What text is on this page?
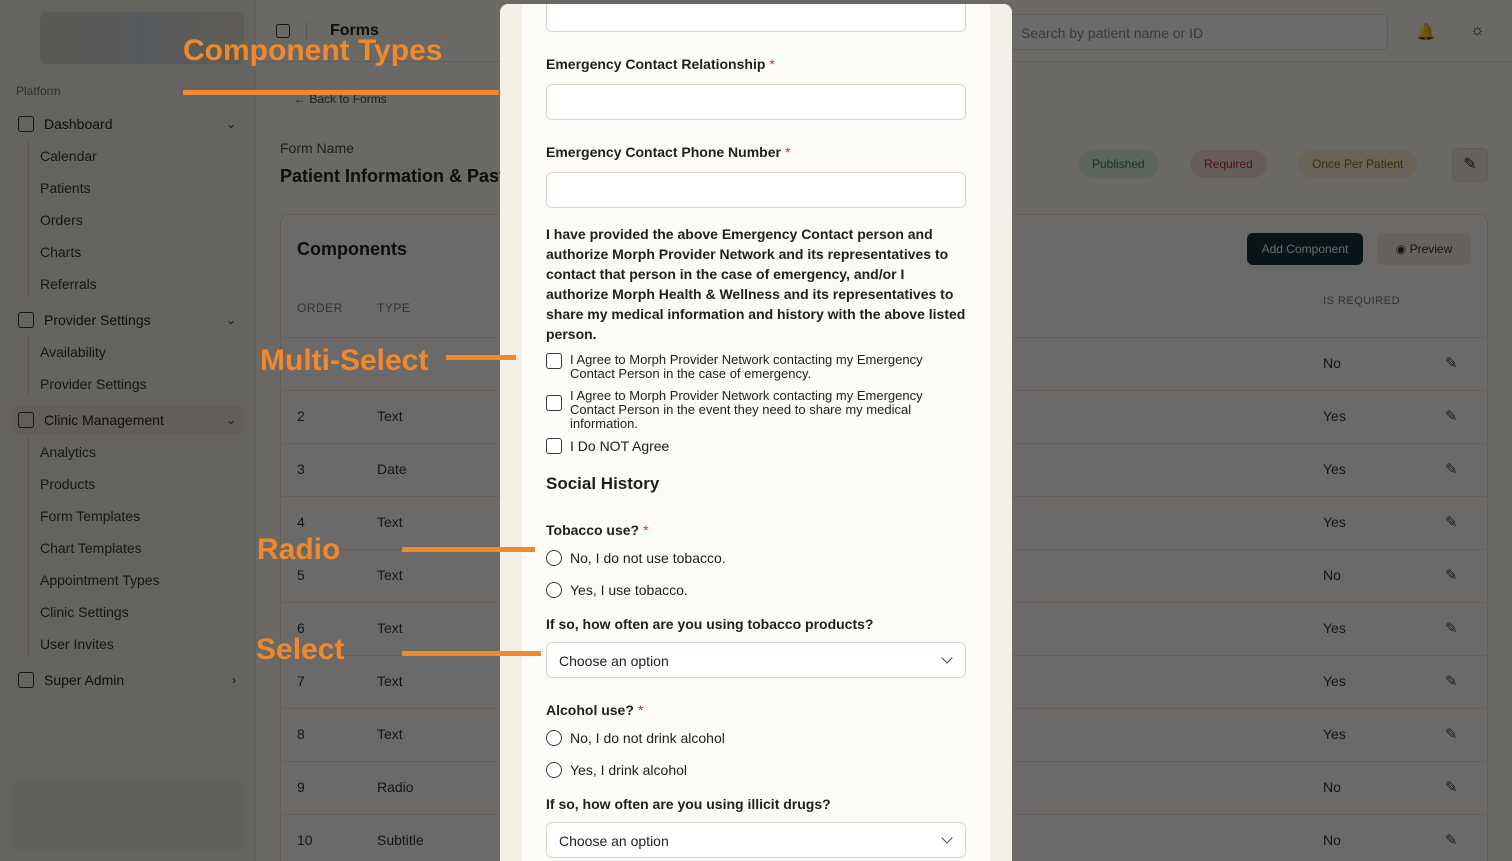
Emergency Contact Relationship *
Emergency Contact Phone Number *
I have provided the above Emergency Contact person and authorize Morph Provider Network and its representatives to contact that person in the case of emergency, and/or I authorize Morph Health & Wellness and its representatives to share my medical information and history with the above listed person.
I Agree to Morph Provider Network contacting my Emergency Contact Person in the case of emergency.
I Agree to Morph Provider Network contacting my Emergency Contact Person in the event they need to share my medical information.
I Do NOT Agree
Social History
Tobacco use? *
No, I do not use tobacco.
Yes, I use tobacco.
If so, how often are you using tobacco products?
Choose an option
Alcohol use? *
No, I do not drink alcohol
Yes, I drink alcohol
If so, how often are you using illicit drugs?
Choose an option
Component Types
Multi-Select
Radio
Select
